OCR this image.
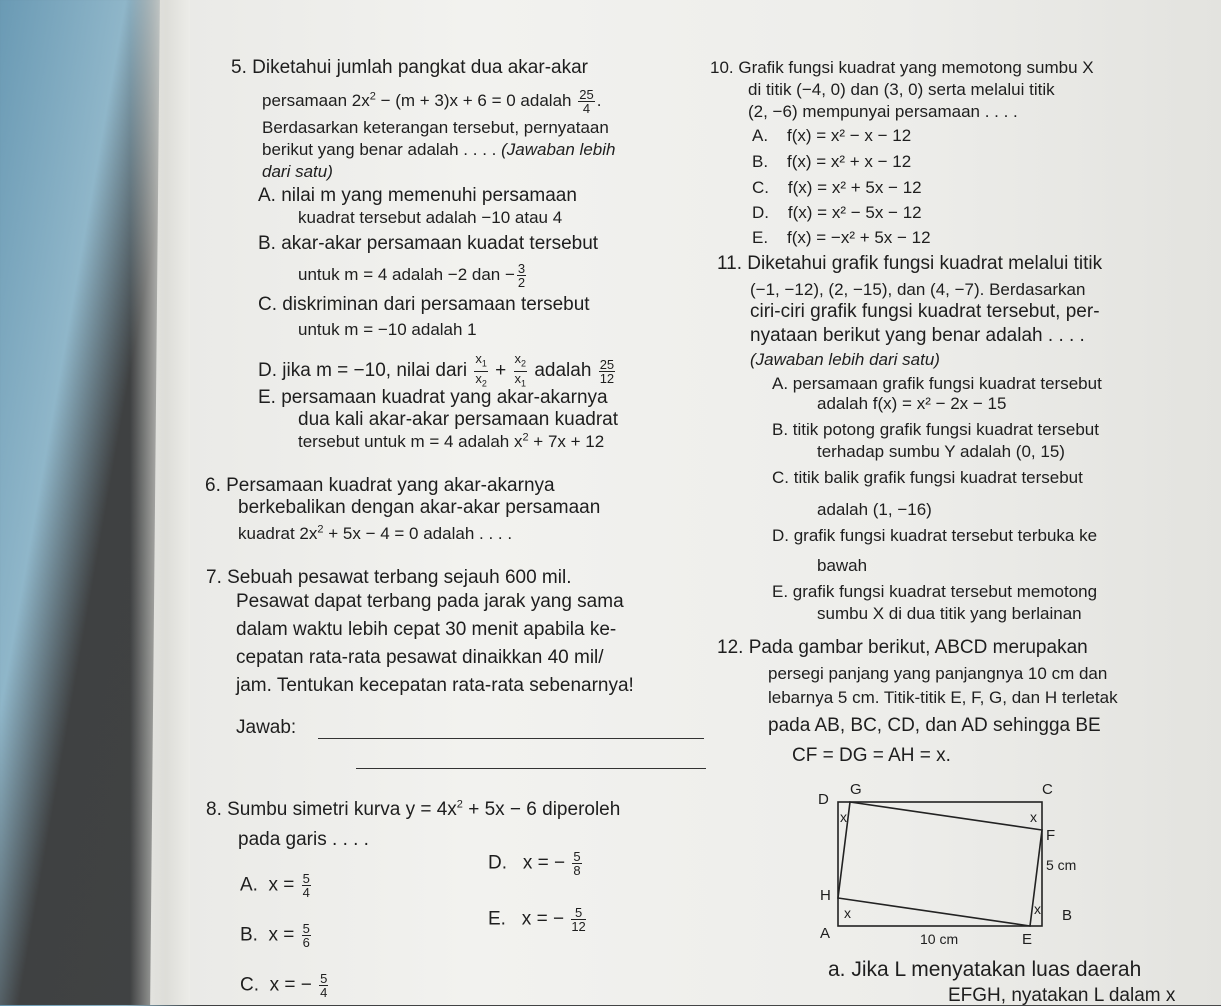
5. Diketahui jumlah pangkat dua akar-akar
persamaan $2x^2 - (m + 3)x + 6 = 0$ adalah $\frac{25}{4}$ .
Berdasarkan keterangan tersebut, pernyataan
berikut yang benar adalah . . . . (Jawaban lebih
dari satu)
A. nilai m yang memenuhi persamaan
kuadrat tersebut adalah −10 atau 4
B. akar-akar persamaan kuadat tersebut
untuk m = 4 adalah −2 dan − $\frac{3}{2}$
C. diskriminan dari persamaan tersebut
untuk m = −10 adalah 1
D. jika m = −10, nilai dari $\frac{x_1}{x_2} + \frac{x_2}{x_1}$ adalah $\frac{25}{12}$
E. persamaan kuadrat yang akar-akarnya
dua kali akar-akar persamaan kuadrat
tersebut untuk m = 4 adalah $x^2 + 7x + 12$
6. Persamaan kuadrat yang akar-akarnya
berkebalikan dengan akar-akar persamaan
kuadrat $2x^2 + 5x - 4 = 0$ adalah . . . .
7. Sebuah pesawat terbang sejauh 600 mil.
Pesawat dapat terbang pada jarak yang sama
dalam waktu lebih cepat 30 menit apabila ke-
cepatan rata-rata pesawat dinaikkan 40 mil/
jam. Tentukan kecepatan rata-rata sebenarnya!
Jawab:
8. Sumbu simetri kurva $y = 4x^2 + 5x - 6$ diperoleh
pada garis . . . .
A. $x = \frac{5}{4}$
B. $x = \frac{5}{6}$
C. x = − $\frac{5}{4}$
D. x = − $\frac{5}{8}$
E. x = − $\frac{5}{12}$
10. Grafik fungsi kuadrat yang memotong sumbu X
di titik (−4, 0) dan (3, 0) serta melalui titik
(2, −6) mempunyai persamaan . . . .
A. f(x) = x² − x − 12
B. f(x) = x² + x − 12
C. f(x) = x² + 5x − 12
D. f(x) = x² − 5x − 12
E. f(x) = −x² + 5x − 12
11. Diketahui grafik fungsi kuadrat melalui titik
(−1, −12), (2, −15), dan (4, −7). Berdasarkan
ciri-ciri grafik fungsi kuadrat tersebut, per-
nyataan berikut yang benar adalah . . . .
(Jawaban lebih dari satu)
A. persamaan grafik fungsi kuadrat tersebut
adalah f(x) = x² − 2x − 15
B. titik potong grafik fungsi kuadrat tersebut
terhadap sumbu Y adalah (0, 15)
C. titik balik grafik fungsi kuadrat tersebut
adalah (1, −16)
D. grafik fungsi kuadrat tersebut terbuka ke
bawah
E. grafik fungsi kuadrat tersebut memotong
sumbu X di dua titik yang berlainan
12. Pada gambar berikut, ABCD merupakan
persegi panjang yang panjangnya 10 cm dan
lebarnya 5 cm. Titik-titik E, F, G, dan H terletak
pada AB, BC, CD, dan AD sehingga BE
CF = DG = AH = x.
D
G	C
F
H
A	E
B
x	x
x	x
5 cm
10 cm
a. Jika L menyatakan luas daerah
EFGH, nyatakan L dalam x
